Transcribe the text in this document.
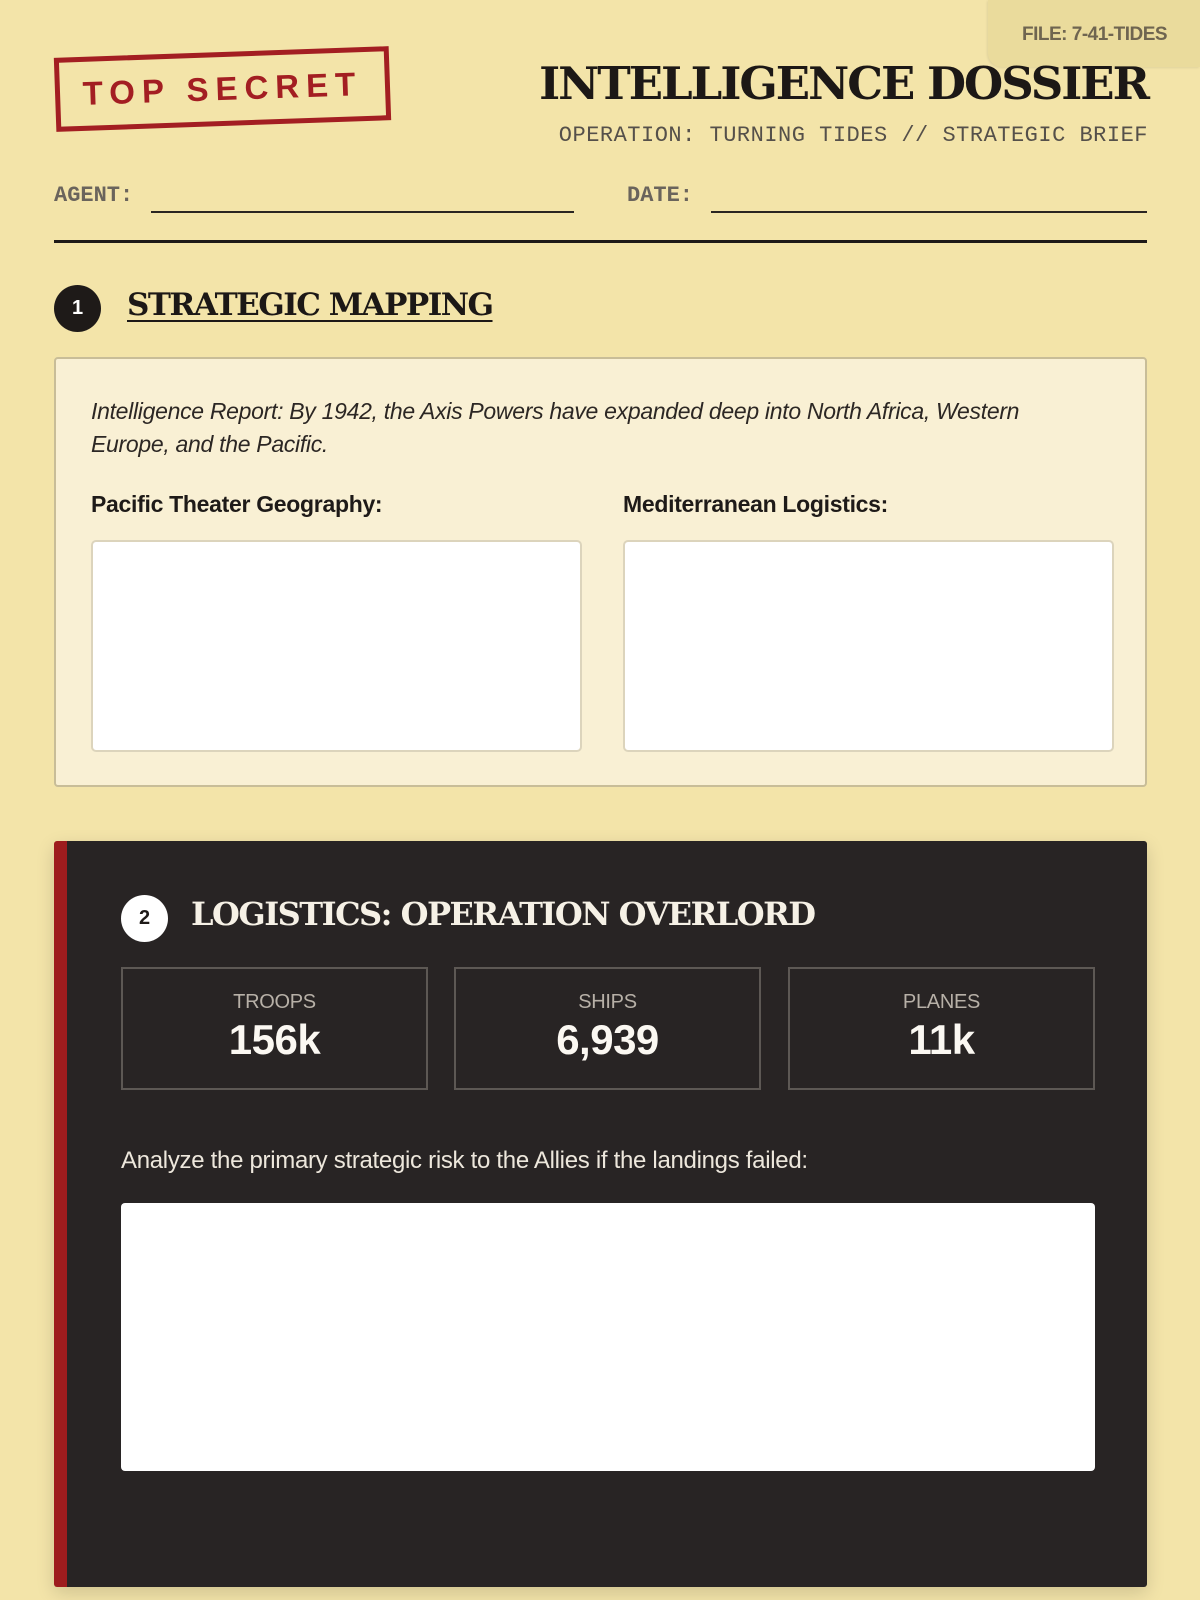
FILE: 7-41-TIDES
TOP SECRET	INTELLIGENCE DOSSIER
OPERATION: TURNING TIDES // STRATEGIC BRIEF
AGENT:	DATE:
1	STRATEGIC MAPPING

Intelligence Report: By 1942, the Axis Powers have expanded deep into North Africa, Western Europe, and the Pacific.

Pacific Theater Geography:	Mediterranean Logistics:
2	LOGISTICS: OPERATION OVERLORD
TROOPS
156k
SHIPS
6,939
PLANES
11k

Analyze the primary strategic risk to the Allies if the landings failed:
